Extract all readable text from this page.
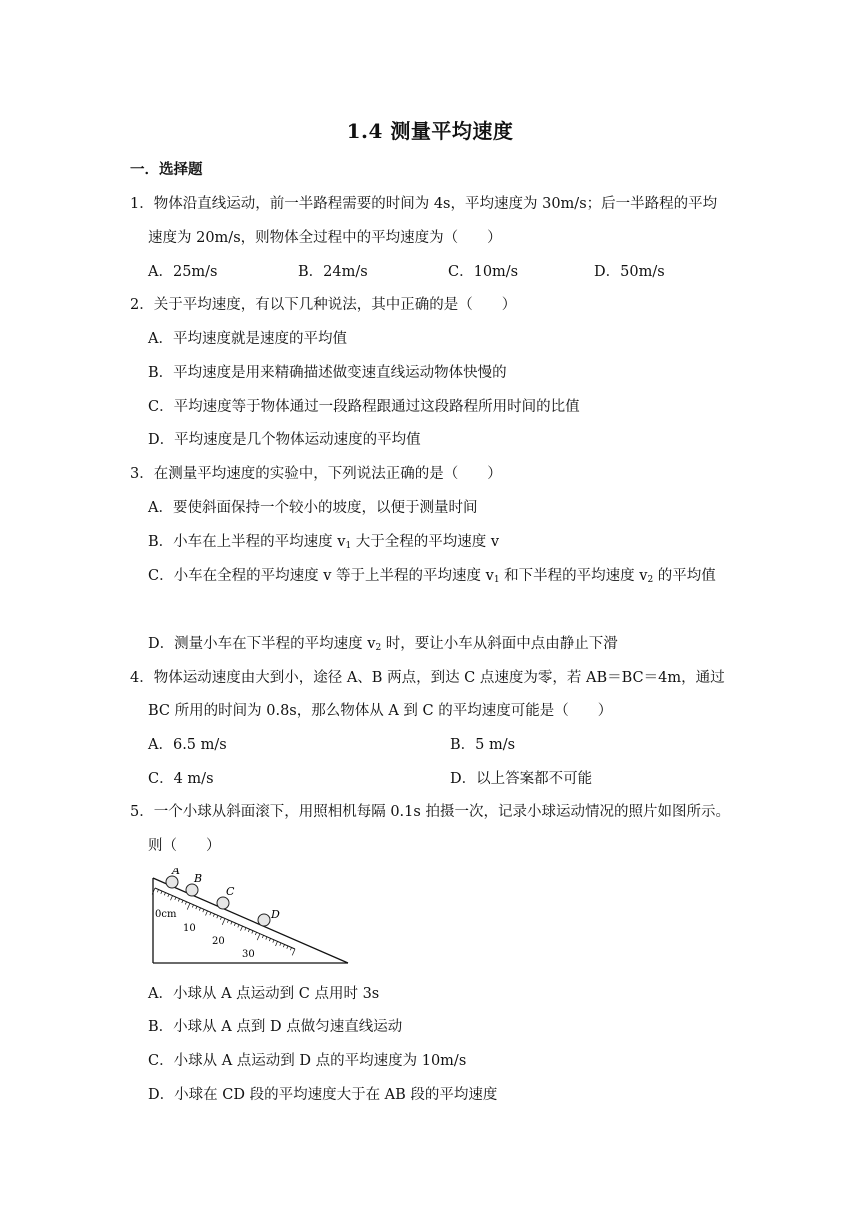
1.4 测量平均速度
一．选择题
1．物体沿直线运动，前一半路程需要的时间为 4s，平均速度为 30m/s；后一半路程的平均
速度为 20m/s，则物体全过程中的平均速度为（　　）
A．25m/s	B．24m/s	C．10m/s	D．50m/s
2．关于平均速度，有以下几种说法，其中正确的是（　　）
A．平均速度就是速度的平均值
B．平均速度是用来精确描述做变速直线运动物体快慢的
C．平均速度等于物体通过一段路程跟通过这段路程所用时间的比值
D．平均速度是几个物体运动速度的平均值
3．在测量平均速度的实验中，下列说法正确的是（　　）
A．要使斜面保持一个较小的坡度，以便于测量时间
B．小车在上半程的平均速度 $v_1$ 大于全程的平均速度 v
C．小车在全程的平均速度 v 等于上半程的平均速度 $v_1$ 和下半程的平均速度 $v_2$ 的平均值
D．测量小车在下半程的平均速度 $v_2$ 时，要让小车从斜面中点由静止下滑
4．物体运动速度由大到小，途径 A、B 两点，到达 C 点速度为零，若 AB＝BC＝4m，通过
BC 所用的时间为 0.8s，那么物体从 A 到 C 的平均速度可能是（　　）
A．6.5 m/s	B．5 m/s
C．4 m/s	D．以上答案都不可能
5．一个小球从斜面滚下，用照相机每隔 0.1s 拍摄一次，记录小球运动情况的照片如图所示。
则（　　）
A
B
C
D
0cm
10
20
30
A．小球从 A 点运动到 C 点用时 3s
B．小球从 A 点到 D 点做匀速直线运动
C．小球从 A 点运动到 D 点的平均速度为 10m/s
D．小球在 CD 段的平均速度大于在 AB 段的平均速度
